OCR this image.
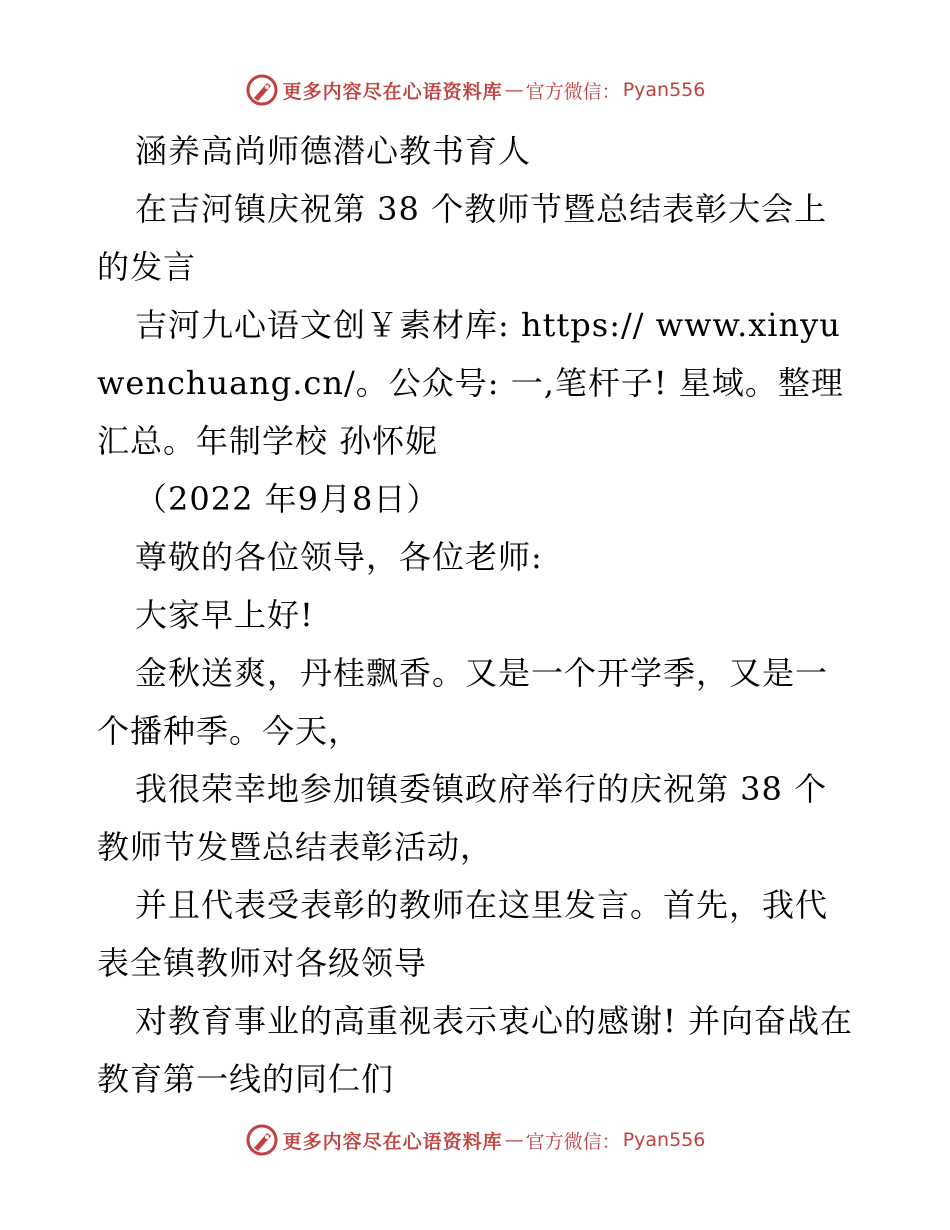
更多内容尽在心语资料库 — 官方微信： Pyan556

涵养高尚师德潜心教书育人

在吉河镇庆祝第 38 个教师节暨总结表彰大会上的发言

吉河九心语文创￥素材库: https:// www.xinyuwenchuang.cn/。公众号: 一,笔杆子! 星域。整理汇总。年制学校 孙怀妮

（2022 年9月8日）

尊敬的各位领导，各位老师:

大家早上好!

金秋送爽，丹桂飘香。又是一个开学季，又是一个播种季。今天，

我很荣幸地参加镇委镇政府举行的庆祝第 38 个教师节发暨总结表彰活动，

并且代表受表彰的教师在这里发言。首先，我代表全镇教师对各级领导

对教育事业的高重视表示衷心的感谢! 并向奋战在教育第一线的同仁们

更多内容尽在心语资料库 — 官方微信： Pyan556
